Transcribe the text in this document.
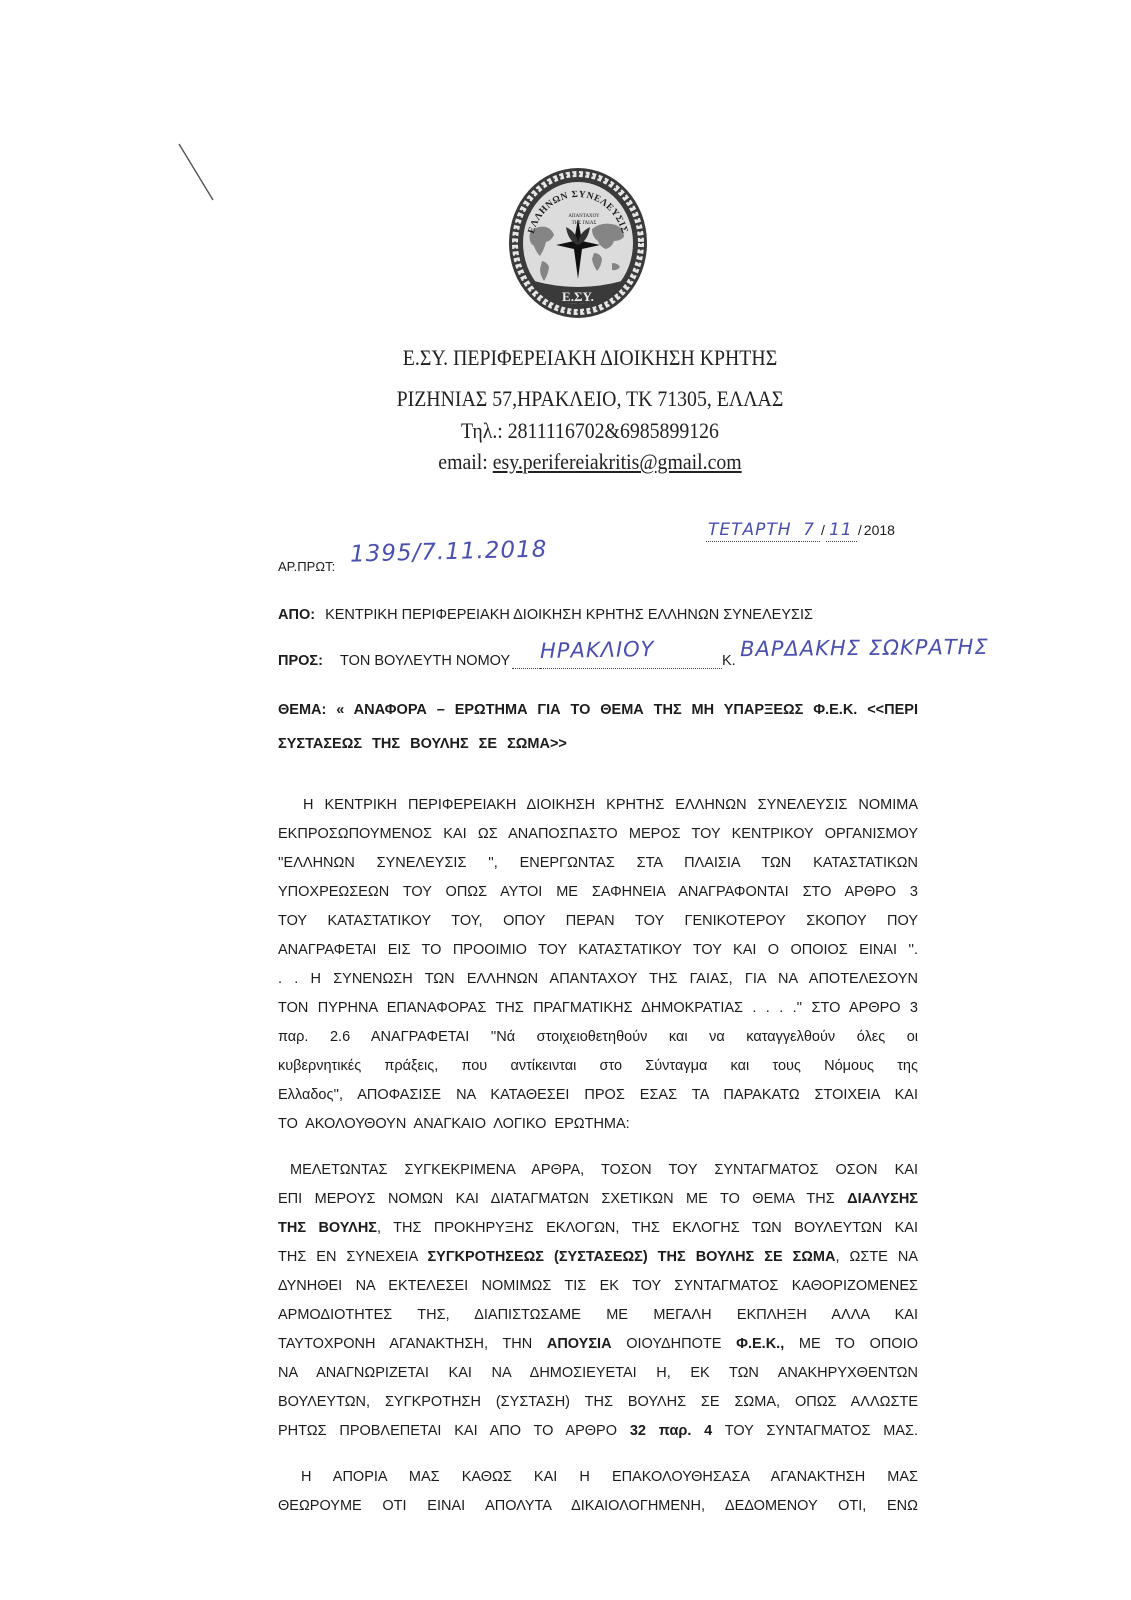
ΕΛΛΗΝΩΝ ΣΥΝΕΛΕΥΣΙΣ
ΑΠΑΝΤΑΧΟΥ
ΤΗΣ ΓΑΙΑΣ
Ε.ΣΥ.
Ε.ΣΥ. ΠΕΡΙΦΕΡΕΙΑΚΗ ΔΙΟΙΚΗΣΗ ΚΡΗΤΗΣ
ΡΙΖΗΝΙΑΣ 57,ΗΡΑΚΛΕΙΟ, ΤΚ 71305, ΕΛΛΑΣ
Τηλ.: 2811116702&6985899126
email: esy.perifereiakritis@gmail.com
ΤΕΤΑΡΤΗ 7 / 11 / 2018
ΑΡ.ΠΡΩΤ: 1395/7.11.2018
ΑΠΟ: ΚΕΝΤΡΙΚΗ ΠΕΡΙΦΕΡΕΙΑΚΗ ΔΙΟΙΚΗΣΗ ΚΡΗΤΗΣ ΕΛΛΗΝΩΝ ΣΥΝΕΛΕΥΣΙΣ
ΠΡΟΣ: ΤΟΝ ΒΟΥΛΕΥΤΗ ΝΟΜΟΥ ΗΡΑΚΛΙΟΥ	Κ. ΒΑΡΔΑΚΗΣ ΣΩΚΡΑΤΗΣ
ΘΕΜΑ: « ΑΝΑΦΟΡΑ – ΕΡΩΤΗΜΑ ΓΙΑ ΤΟ ΘΕΜΑ ΤΗΣ ΜΗ ΥΠΑΡΞΕΩΣ Φ.Ε.Κ. <<ΠΕΡΙ
ΣΥΣΤΑΣΕΩΣ ΤΗΣ ΒΟΥΛΗΣ ΣΕ ΣΩΜΑ>>
Η ΚΕΝΤΡΙΚΗ ΠΕΡΙΦΕΡΕΙΑΚΗ ΔΙΟΙΚΗΣΗ ΚΡΗΤΗΣ ΕΛΛΗΝΩΝ ΣΥΝΕΛΕΥΣΙΣ ΝΟΜΙΜΑ
ΕΚΠΡΟΣΩΠΟΥΜΕΝΟΣ ΚΑΙ ΩΣ ΑΝΑΠΟΣΠΑΣΤΟ ΜΕΡΟΣ ΤΟΥ ΚΕΝΤΡΙΚΟΥ ΟΡΓΑΝΙΣΜΟΥ
''ΕΛΛΗΝΩΝ ΣΥΝΕΛΕΥΣΙΣ '', ΕΝΕΡΓΩΝΤΑΣ ΣΤΑ ΠΛΑΙΣΙΑ ΤΩΝ ΚΑΤΑΣΤΑΤΙΚΩΝ
ΥΠΟΧΡΕΩΣΕΩΝ ΤΟΥ ΟΠΩΣ ΑΥΤΟΙ ΜΕ ΣΑΦΗΝΕΙΑ ΑΝΑΓΡΑΦΟΝΤΑΙ ΣΤΟ ΑΡΘΡΟ 3
ΤΟΥ ΚΑΤΑΣΤΑΤΙΚΟΥ ΤΟΥ, ΟΠΟΥ ΠΕΡΑΝ ΤΟΥ ΓΕΝΙΚΟΤΕΡΟΥ ΣΚΟΠΟΥ ΠΟΥ
ΑΝΑΓΡΑΦΕΤΑΙ ΕΙΣ ΤΟ ΠΡΟΟΙΜΙΟ ΤΟΥ ΚΑΤΑΣΤΑΤΙΚΟΥ ΤΟΥ ΚΑΙ Ο ΟΠΟΙΟΣ ΕΙΝΑΙ ''.
. . Η ΣΥΝΕΝΩΣΗ ΤΩΝ ΕΛΛΗΝΩΝ ΑΠΑΝΤΑΧΟΥ ΤΗΣ ΓΑΙΑΣ, ΓΙΑ ΝΑ ΑΠΟΤΕΛΕΣΟΥΝ
ΤΟΝ ΠΥΡΗΝΑ ΕΠΑΝΑΦΟΡΑΣ ΤΗΣ ΠΡΑΓΜΑΤΙΚΗΣ ΔΗΜΟΚΡΑΤΙΑΣ . . . .'' ΣΤΟ ΑΡΘΡΟ 3
παρ. 2.6 ΑΝΑΓΡΑΦΕΤΑΙ ''Νά στοιχειοθετηθούν και να καταγγελθούν όλες οι
κυβερνητικές πράξεις, που αντίκεινται στο Σύνταγμα και τους Νόμους της
Ελλαδος'', ΑΠΟΦΑΣΙΣΕ ΝΑ ΚΑΤΑΘΕΣΕΙ ΠΡΟΣ ΕΣΑΣ ΤΑ ΠΑΡΑΚΑΤΩ ΣΤΟΙΧΕΙΑ ΚΑΙ
ΤΟ ΑΚΟΛΟΥΘΟΥΝ ΑΝΑΓΚΑΙΟ ΛΟΓΙΚΟ ΕΡΩΤΗΜΑ:
ΜΕΛΕΤΩΝΤΑΣ ΣΥΓΚΕΚΡΙΜΕΝΑ ΑΡΘΡΑ, ΤΟΣΟΝ ΤΟΥ ΣΥΝΤΑΓΜΑΤΟΣ ΟΣΟΝ ΚΑΙ
ΕΠΙ ΜΕΡΟΥΣ ΝΟΜΩΝ ΚΑΙ ΔΙΑΤΑΓΜΑΤΩΝ ΣΧΕΤΙΚΩΝ ΜΕ ΤΟ ΘΕΜΑ ΤΗΣ ΔΙΑΛΥΣΗΣ
ΤΗΣ ΒΟΥΛΗΣ, ΤΗΣ ΠΡΟΚΗΡΥΞΗΣ ΕΚΛΟΓΩΝ, ΤΗΣ ΕΚΛΟΓΗΣ ΤΩΝ ΒΟΥΛΕΥΤΩΝ ΚΑΙ
ΤΗΣ ΕΝ ΣΥΝΕΧΕΙΑ ΣΥΓΚΡΟΤΗΣΕΩΣ (ΣΥΣΤΑΣΕΩΣ) ΤΗΣ ΒΟΥΛΗΣ ΣΕ ΣΩΜΑ, ΩΣΤΕ ΝΑ
ΔΥΝΗΘΕΙ ΝΑ ΕΚΤΕΛΕΣΕΙ ΝΟΜΙΜΩΣ ΤΙΣ ΕΚ ΤΟΥ ΣΥΝΤΑΓΜΑΤΟΣ ΚΑΘΟΡΙΖΟΜΕΝΕΣ
ΑΡΜΟΔΙΟΤΗΤΕΣ ΤΗΣ, ΔΙΑΠΙΣΤΩΣΑΜΕ ΜΕ ΜΕΓΑΛΗ ΕΚΠΛΗΞΗ ΑΛΛΑ ΚΑΙ
ΤΑΥΤΟΧΡΟΝΗ ΑΓΑΝΑΚΤΗΣΗ, ΤΗΝ ΑΠΟΥΣΙΑ ΟΙΟΥΔΗΠΟΤΕ Φ.Ε.Κ., ΜΕ ΤΟ ΟΠΟΙΟ
ΝΑ ΑΝΑΓΝΩΡΙΖΕΤΑΙ ΚΑΙ ΝΑ ΔΗΜΟΣΙΕΥΕΤΑΙ Η, ΕΚ ΤΩΝ ΑΝΑΚΗΡΥΧΘΕΝΤΩΝ
ΒΟΥΛΕΥΤΩΝ, ΣΥΓΚΡΟΤΗΣΗ (ΣΥΣΤΑΣΗ) ΤΗΣ ΒΟΥΛΗΣ ΣΕ ΣΩΜΑ, ΟΠΩΣ ΑΛΛΩΣΤΕ
ΡΗΤΩΣ ΠΡΟΒΛΕΠΕΤΑΙ ΚΑΙ ΑΠΟ ΤΟ ΑΡΘΡΟ 32 παρ. 4 ΤΟΥ ΣΥΝΤΑΓΜΑΤΟΣ ΜΑΣ.
Η ΑΠΟΡΙΑ ΜΑΣ ΚΑΘΩΣ ΚΑΙ Η ΕΠΑΚΟΛΟΥΘΗΣΑΣΑ ΑΓΑΝΑΚΤΗΣΗ ΜΑΣ
ΘΕΩΡΟΥΜΕ ΟΤΙ ΕΙΝΑΙ ΑΠΟΛΥΤΑ ΔΙΚΑΙΟΛΟΓΗΜΕΝΗ, ΔΕΔΟΜΕΝΟΥ ΟΤΙ, ΕΝΩ
